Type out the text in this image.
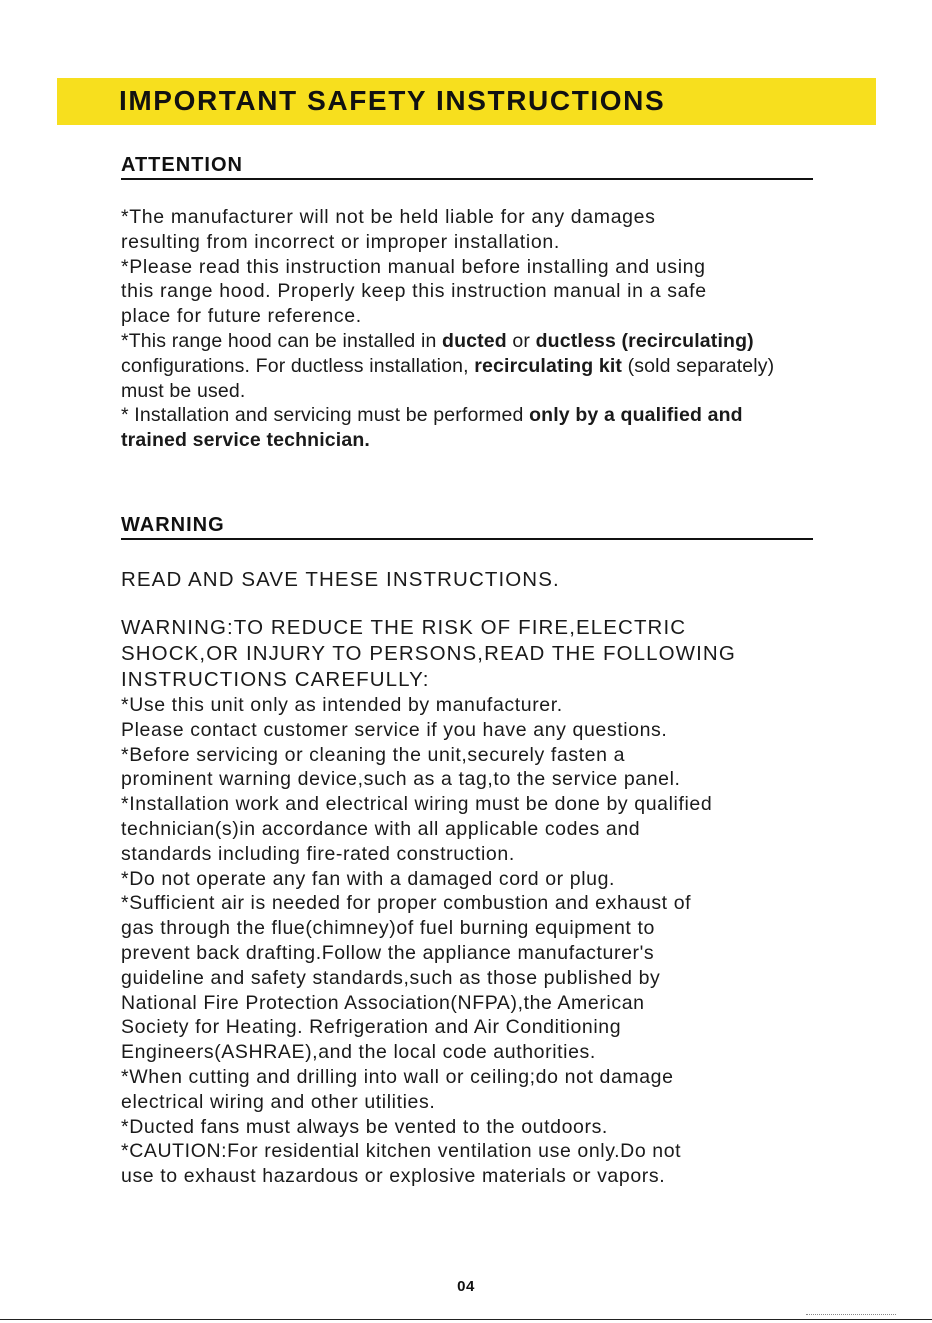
IMPORTANT SAFETY INSTRUCTIONS
ATTENTION

*The manufacturer will not be held liable for any damages

resulting from incorrect or improper installation.

*Please read this instruction manual before installing and using

this range hood. Properly keep this instruction manual in a safe

place for future reference.

*This range hood can be installed in ducted or ductless (recirculating)

configurations. For ductless installation, recirculating kit (sold separately)

must be used.

* Installation and servicing must be performed only by a qualified and

trained service technician.

WARNING

READ AND SAVE THESE INSTRUCTIONS.

WARNING:TO REDUCE THE RISK OF FIRE,ELECTRIC

SHOCK,OR INJURY TO PERSONS,READ THE FOLLOWING

INSTRUCTIONS CAREFULLY:

*Use this unit only as intended by manufacturer.

Please contact customer service if you have any questions.

*Before servicing or cleaning the unit,securely fasten a

prominent warning device,such as a tag,to the service panel.

*Installation work and electrical wiring must be done by qualified

technician(s)in accordance with all applicable codes and

standards including fire-rated construction.

*Do not operate any fan with a damaged cord or plug.

*Sufficient air is needed for proper combustion and exhaust of

gas through the flue(chimney)of fuel burning equipment to

prevent back drafting.Follow the appliance manufacturer's

guideline and safety standards,such as those published by

National Fire Protection Association(NFPA),the American

Society for Heating. Refrigeration and Air Conditioning

Engineers(ASHRAE),and the local code authorities.

*When cutting and drilling into wall or ceiling;do not damage

electrical wiring and other utilities.

*Ducted fans must always be vented to the outdoors.

*CAUTION:For residential kitchen ventilation use only.Do not

use to exhaust hazardous or explosive materials or vapors.

04
